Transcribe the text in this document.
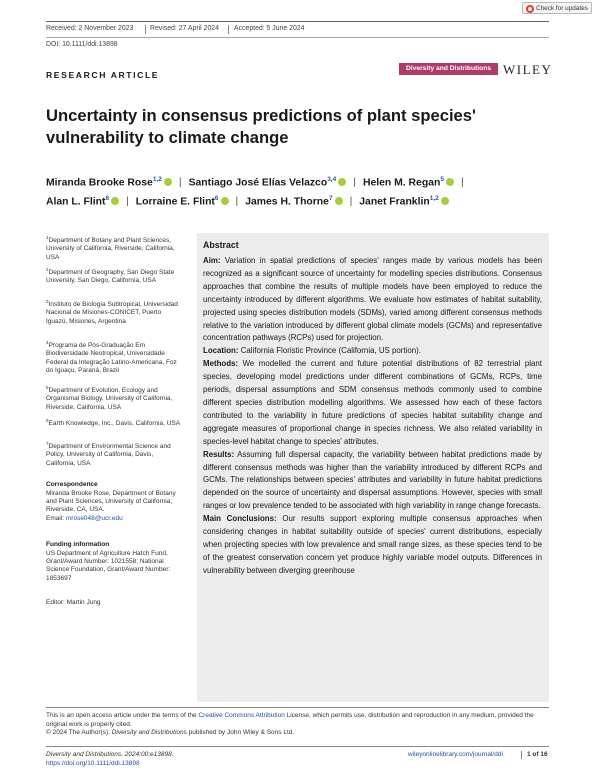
Check for updates
Received: 2 November 2023 Revised: 27 April 2024 Accepted: 5 June 2024
DOI: 10.1111/ddi.13898
RESEARCH ARTICLE
Diversity and Distributions WILEY
Uncertainty in consensus predictions of plant species' vulnerability to climate change
Miranda Brooke Rose$^{1,2}$ | Santiago José Elías Velazco$^{3,4}$ | Helen M. Regan$^5$ |
Alan L. Flint$^6$ | Lorraine E. Flint$^6$ | James H. Thorne$^7$ | Janet Franklin$^{1,2}$
$^1$Department of Botany and Plant Sciences, University of California, Riverside, California, USA
$^2$Department of Geography, San Diego State University, San Diego, California, USA
$^3$Instituto de Biología Subtropical, Universidad Nacional de Misiones-CONICET, Puerto Iguazú, Misiones, Argentina
$^4$Programa de Pós-Graduação Em Biodiversidade Neotropical, Universidade Federal da Integração Latino-Americana, Foz do Iguaçu, Paraná, Brazil
$^5$Department of Evolution, Ecology and Organismal Biology, University of California, Riverside, California, USA
$^6$Earth Knowledge, Inc., Davis, California, USA
$^7$Department of Environmental Science and Policy, University of California, Davis, California, USA
Correspondence
Miranda Brooke Rose, Department of Botany and Plant Sciences, University of California, Riverside, CA, USA.
Email: mrose048@ucr.edu
Funding information
US Department of Agriculture Hatch Fund, Grant/Award Number: 1021558; National Science Foundation, Grant/Award Number: 1853697
Editor: Martin Jung
Abstract

Aim: Variation in spatial predictions of species' ranges made by various models has been recognized as a significant source of uncertainty for modelling species distributions. Consensus approaches that combine the results of multiple models have been employed to reduce the uncertainty introduced by different algorithms. We evaluate how estimates of habitat suitability, projected using species distribution models (SDMs), varied among different consensus methods relative to the variation introduced by different global climate models (GCMs) and representative concentration pathways (RCPs) used for projection.

Location: California Floristic Province (California, US portion).

Methods: We modelled the current and future potential distributions of 82 terrestrial plant species, developing model predictions under different combinations of GCMs, RCPs, time periods, dispersal assumptions and SDM consensus methods commonly used to combine different species distribution modelling algorithms. We assessed how each of these factors contributed to the variability in future predictions of species habitat suitability change and aggregate measures of proportional change in species richness. We also related variability in species-level habitat change to species' attributes.

Results: Assuming full dispersal capacity, the variability between habitat predictions made by different consensus methods was higher than the variability introduced by different RCPs and GCMs. The relationships between species' attributes and variability in future habitat predictions depended on the source of uncertainty and dispersal assumptions. However, species with small ranges or low prevalence tended to be associated with high variability in range change forecasts.

Main Conclusions: Our results support exploring multiple consensus approaches when considering changes in habitat suitability outside of species' current distributions, especially when projecting species with low prevalence and small range sizes, as these species tend to be of the greatest conservation concern yet produce highly variable model outputs. Differences in vulnerability between diverging greenhouse

This is an open access article under the terms of the Creative Commons Attribution License, which permits use, distribution and reproduction in any medium, provided the original work is properly cited.
© 2024 The Author(s). Diversity and Distributions published by John Wiley & Sons Ltd.
Diversity and Distributions. 2024;00:e13898.
https://doi.org/10.1111/ddi.13898
wileyonlinelibrary.com/journal/ddi	1 of 16
